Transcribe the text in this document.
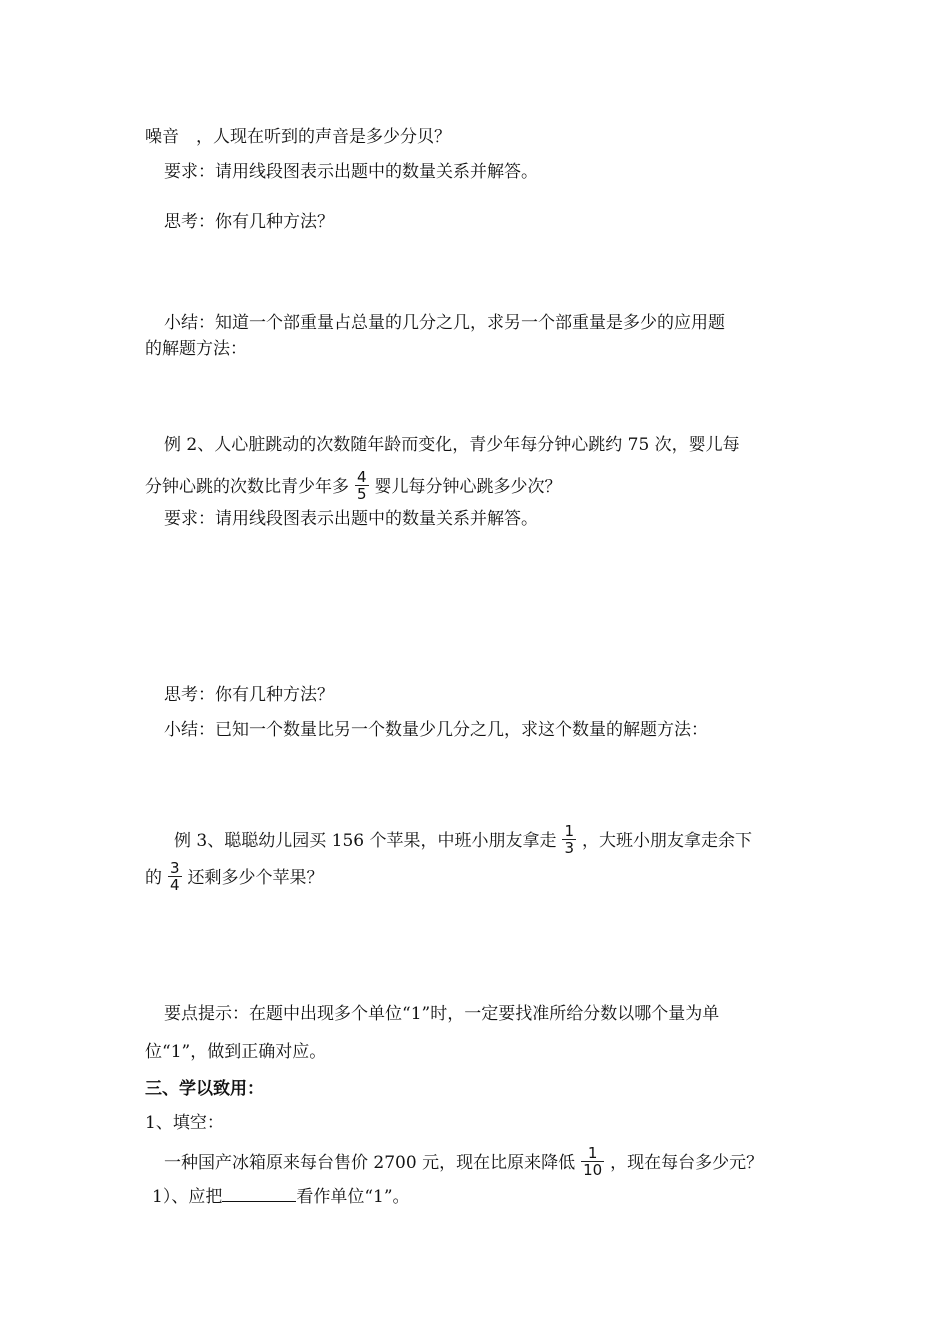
噪音　，人现在听到的声音是多少分贝？
要求：请用线段图表示出题中的数量关系并解答。
思考：你有几种方法？
小结：知道一个部重量占总量的几分之几，求另一个部重量是多少的应用题
的解题方法：
例 2、人心脏跳动的次数随年龄而变化，青少年每分钟心跳约 75 次，婴儿每
分钟心跳的次数比青少年多 $\frac{4}{5}$ 婴儿每分钟心跳多少次？
要求：请用线段图表示出题中的数量关系并解答。
思考：你有几种方法？
小结：已知一个数量比另一个数量少几分之几，求这个数量的解题方法：
例 3、聪聪幼儿园买 156 个苹果，中班小朋友拿走 $\frac{1}{3}$ ，大班小朋友拿走余下
的 $\frac{3}{4}$ 还剩多少个苹果？
要点提示：在题中出现多个单位“1”时，一定要找准所给分数以哪个量为单
位“1”，做到正确对应。
三、学以致用：
1、填空：
一种国产冰箱原来每台售价 2700 元，现在比原来降低 $\frac{1}{10}$ ，现在每台多少元？
1）、应把	看作单位“1”。
